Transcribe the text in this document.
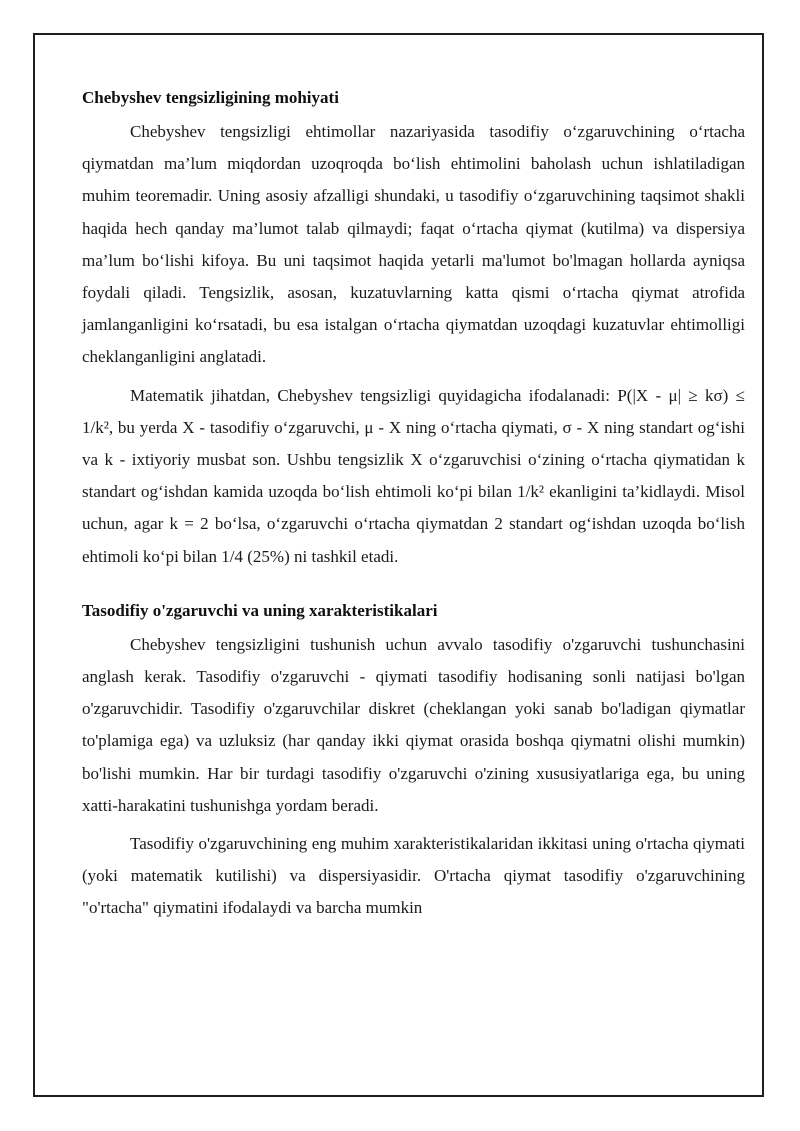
Chebyshev tengsizligining mohiyati

Chebyshev tengsizligi ehtimollar nazariyasida tasodifiy o‘zgaruvchining o‘rtacha qiymatdan ma’lum miqdordan uzoqroqda bo‘lish ehtimolini baholash uchun ishlatiladigan muhim teoremadir. Uning asosiy afzalligi shundaki, u tasodifiy o‘zgaruvchining taqsimot shakli haqida hech qanday ma’lumot talab qilmaydi; faqat o‘rtacha qiymat (kutilma) va dispersiya ma’lum bo‘lishi kifoya. Bu uni taqsimot haqida yetarli ma'lumot bo'lmagan hollarda ayniqsa foydali qiladi. Tengsizlik, asosan, kuzatuvlarning katta qismi o‘rtacha qiymat atrofida jamlanganligini ko‘rsatadi, bu esa istalgan o‘rtacha qiymatdan uzoqdagi kuzatuvlar ehtimolligi cheklanganligini anglatadi.

Matematik jihatdan, Chebyshev tengsizligi quyidagicha ifodalanadi: P(|X - μ| ≥ kσ) ≤ 1/k², bu yerda X - tasodifiy o‘zgaruvchi, μ - X ning o‘rtacha qiymati, σ - X ning standart og‘ishi va k - ixtiyoriy musbat son. Ushbu tengsizlik X o‘zgaruvchisi o‘zining o‘rtacha qiymatidan k standart og‘ishdan kamida uzoqda bo‘lish ehtimoli ko‘pi bilan 1/k² ekanligini ta’kidlaydi. Misol uchun, agar k = 2 bo‘lsa, o‘zgaruvchi o‘rtacha qiymatdan 2 standart og‘ishdan uzoqda bo‘lish ehtimoli ko‘pi bilan 1/4 (25%) ni tashkil etadi.

Tasodifiy o'zgaruvchi va uning xarakteristikalari

Chebyshev tengsizligini tushunish uchun avvalo tasodifiy o'zgaruvchi tushunchasini anglash kerak. Tasodifiy o'zgaruvchi - qiymati tasodifiy hodisaning sonli natijasi bo'lgan o'zgaruvchidir. Tasodifiy o'zgaruvchilar diskret (cheklangan yoki sanab bo'ladigan qiymatlar to'plamiga ega) va uzluksiz (har qanday ikki qiymat orasida boshqa qiymatni olishi mumkin) bo'lishi mumkin. Har bir turdagi tasodifiy o'zgaruvchi o'zining xususiyatlariga ega, bu uning xatti-harakatini tushunishga yordam beradi.

Tasodifiy o'zgaruvchining eng muhim xarakteristikalaridan ikkitasi uning o'rtacha qiymati (yoki matematik kutilishi) va dispersiyasidir. O'rtacha qiymat tasodifiy o'zgaruvchining "o'rtacha" qiymatini ifodalaydi va barcha mumkin
